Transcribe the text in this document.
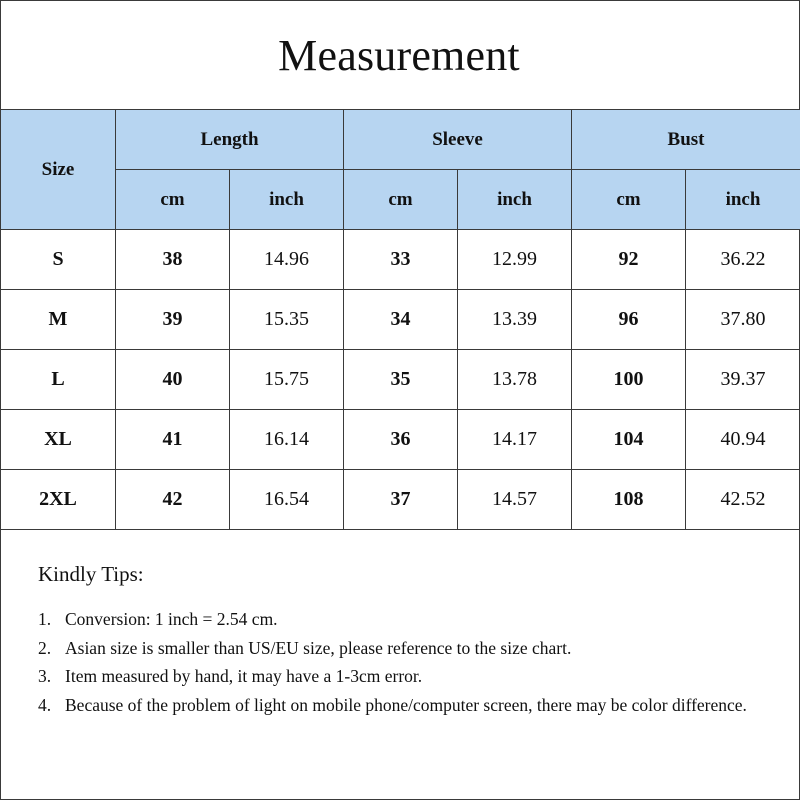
Measurement
Size	Length		Sleeve		Bust	
	cm	inch	cm	inch	cm	inch
S	38	14.96	33	12.99	92	36.22
M	39	15.35	34	13.39	96	37.80
L	40	15.75	35	13.78	100	39.37
XL	41	16.14	36	14.17	104	40.94
2XL	42	16.54	37	14.57	108	42.52
Kindly Tips:
1. Conversion: 1 inch = 2.54 cm.
2. Asian size is smaller than US/EU size, please reference to the size chart.
3. Item measured by hand, it may have a 1-3cm error.
4. Because of the problem of light on mobile phone/computer screen, there may be color difference.
